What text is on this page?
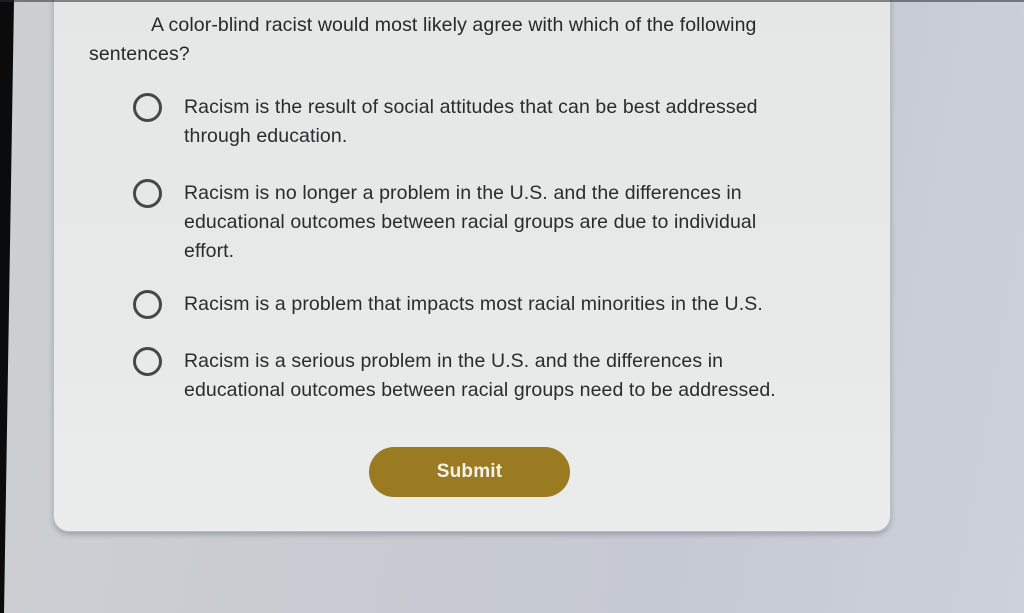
A color-blind racist would most likely agree with which of the following
sentences?
Racism is the result of social attitudes that can be best addressed
through education.
Racism is no longer a problem in the U.S. and the differences in
educational outcomes between racial groups are due to individual
effort.
Racism is a problem that impacts most racial minorities in the U.S.
Racism is a serious problem in the U.S. and the differences in
educational outcomes between racial groups need to be addressed.
Submit
